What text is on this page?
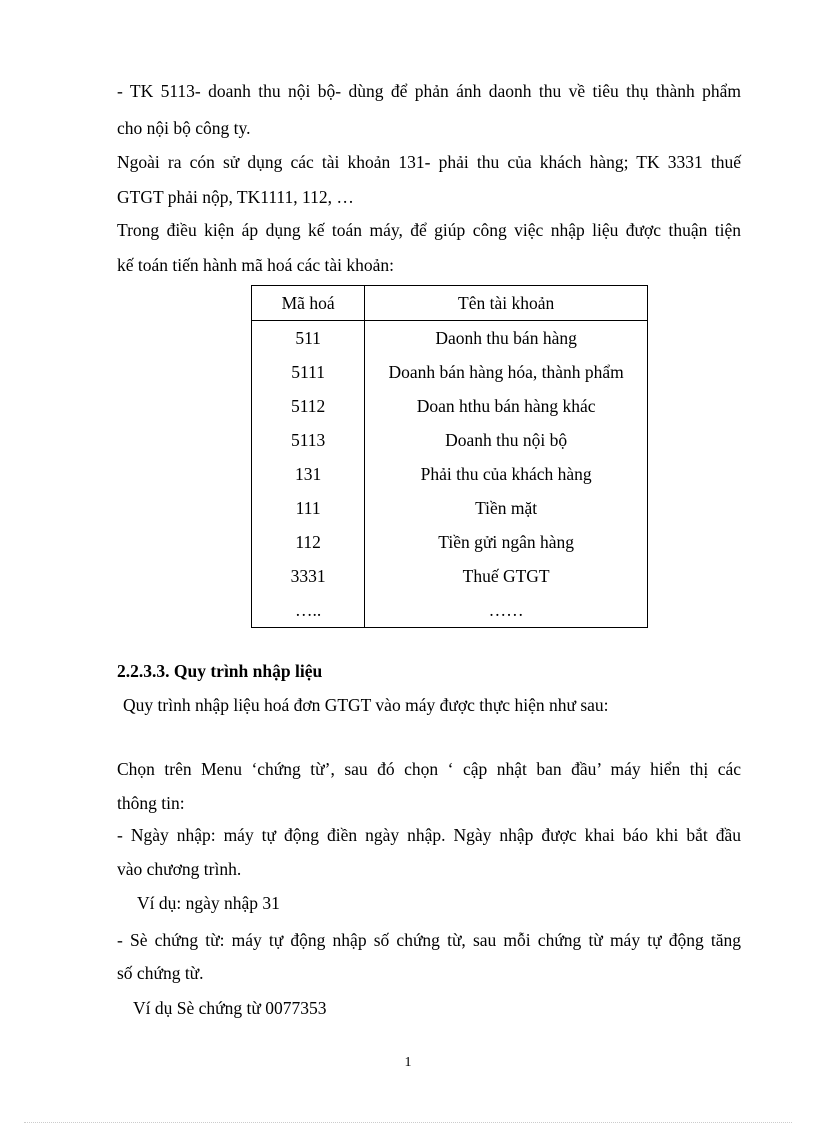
- TK 5113- doanh thu nội bộ- dùng để phản ánh daonh thu về tiêu thụ thành phẩm
cho nội bộ công ty.
Ngoài ra cón sử dụng các tài khoản 131- phải thu của khách hàng; TK 3331 thuế
GTGT phải nộp, TK1111, 112, …
Trong điều kiện áp dụng kế toán máy, để giúp công việc nhập liệu được thuận tiện
kế toán tiến hành mã hoá các tài khoản:
Mã hoá	Tên tài khoản
511	Daonh thu bán hàng
5111	Doanh bán hàng hóa, thành phẩm
5112	Doan hthu bán hàng khác
5113	Doanh thu nội bộ
131	Phải thu của khách hàng
111	Tiền mặt
112	Tiền gửi ngân hàng
3331	Thuế GTGT
…..	……
2.2.3.3. Quy trình nhập liệu
Quy trình nhập liệu hoá đơn GTGT vào máy được thực hiện như sau:
Chọn trên Menu ‘chứng từ’, sau đó chọn ‘ cập nhật ban đầu’ máy hiển thị các
thông tin:
- Ngày nhập: máy tự động điền ngày nhập. Ngày nhập được khai báo khi bắt đầu
vào chương trình.
Ví dụ: ngày nhập 31
- Sè chứng từ: máy tự động nhập số chứng từ, sau mỗi chứng từ máy tự động tăng
số chứng từ.
Ví dụ Sè chứng từ 0077353
1
